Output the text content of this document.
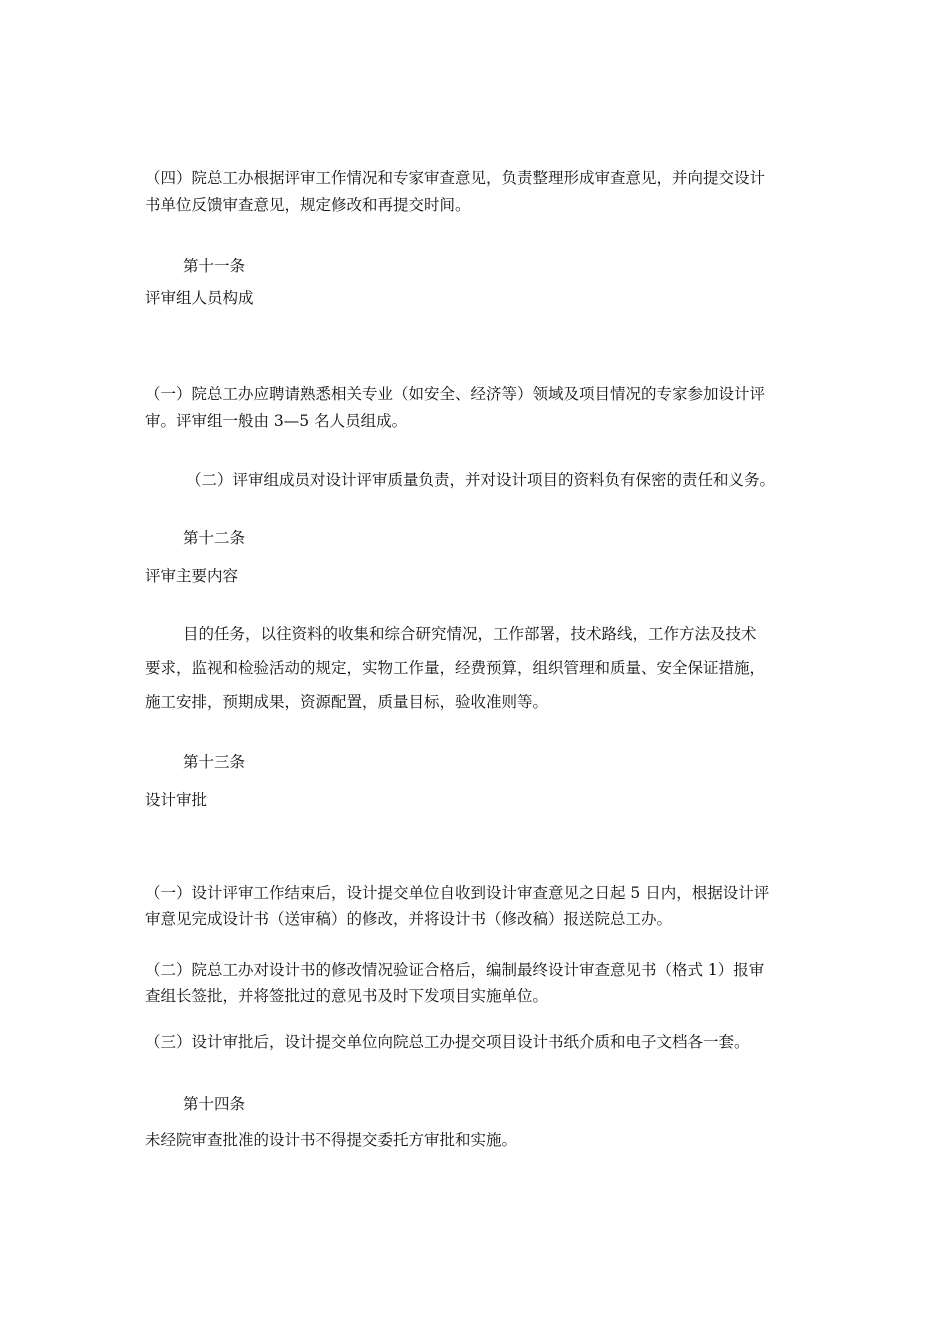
（四）院总工办根据评审工作情况和专家审查意见，负责整理形成审查意见，并向提交设计
书单位反馈审查意见，规定修改和再提交时间。
第十一条
评审组人员构成
（一）院总工办应聘请熟悉相关专业（如安全、经济等）领域及项目情况的专家参加设计评
审。评审组一般由 3—5 名人员组成。
（二）评审组成员对设计评审质量负责，并对设计项目的资料负有保密的责任和义务。
第十二条
评审主要内容
目的任务，以往资料的收集和综合研究情况，工作部署，技术路线，工作方法及技术
要求，监视和检验活动的规定，实物工作量，经费预算，组织管理和质量、安全保证措施，
施工安排，预期成果，资源配置，质量目标，验收准则等。
第十三条
设计审批
（一）设计评审工作结束后，设计提交单位自收到设计审查意见之日起 5 日内，根据设计评
审意见完成设计书（送审稿）的修改，并将设计书（修改稿）报送院总工办。
（二）院总工办对设计书的修改情况验证合格后，编制最终设计审查意见书（格式 1）报审
查组长签批，并将签批过的意见书及时下发项目实施单位。
（三）设计审批后，设计提交单位向院总工办提交项目设计书纸介质和电子文档各一套。
第十四条
未经院审查批准的设计书不得提交委托方审批和实施。
